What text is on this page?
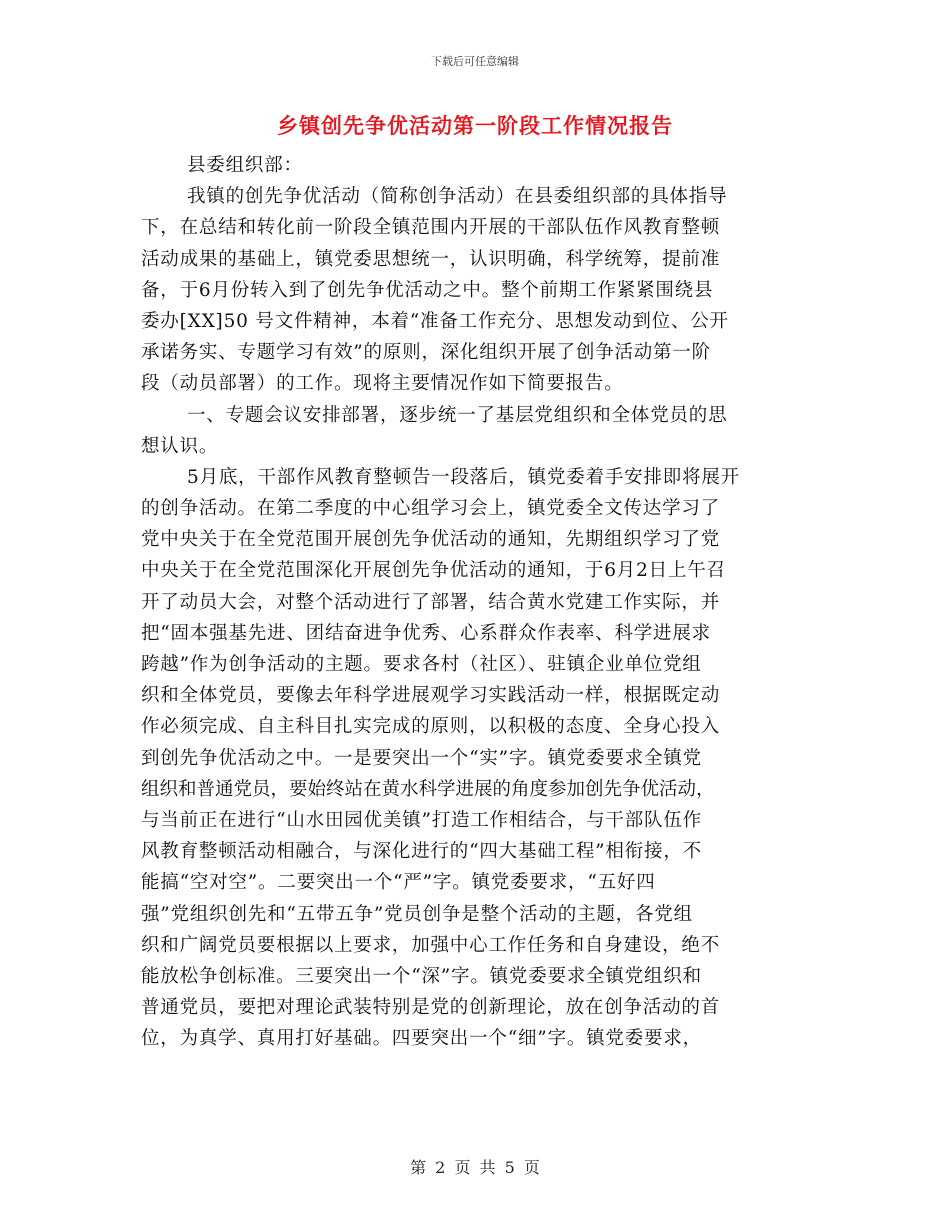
下载后可任意编辑
乡镇创先争优活动第一阶段工作情况报告
县委组织部：
我镇的创先争优活动（简称创争活动）在县委组织部的具体指导
下，在总结和转化前一阶段全镇范围内开展的干部队伍作风教育整顿
活动成果的基础上，镇党委思想统一，认识明确，科学统筹，提前准
备，于6月份转入到了创先争优活动之中。整个前期工作紧紧围绕县
委办[XX]50 号文件精神，本着“准备工作充分、思想发动到位、公开
承诺务实、专题学习有效”的原则，深化组织开展了创争活动第一阶
段（动员部署）的工作。现将主要情况作如下简要报告。
一、专题会议安排部署，逐步统一了基层党组织和全体党员的思
想认识。
5月底，干部作风教育整顿告一段落后，镇党委着手安排即将展开
的创争活动。在第二季度的中心组学习会上，镇党委全文传达学习了
党中央关于在全党范围开展创先争优活动的通知，先期组织学习了党
中央关于在全党范围深化开展创先争优活动的通知，于6月2日上午召
开了动员大会，对整个活动进行了部署，结合黄水党建工作实际，并
把“固本强基先进、团结奋进争优秀、心系群众作表率、科学进展求
跨越”作为创争活动的主题。要求各村（社区）、驻镇企业单位党组
织和全体党员，要像去年科学进展观学习实践活动一样，根据既定动
作必须完成、自主科目扎实完成的原则，以积极的态度、全身心投入
到创先争优活动之中。一是要突出一个“实”字。镇党委要求全镇党
组织和普通党员，要始终站在黄水科学进展的角度参加创先争优活动，
与当前正在进行“山水田园优美镇”打造工作相结合，与干部队伍作
风教育整顿活动相融合，与深化进行的“四大基础工程”相衔接，不
能搞“空对空”。二要突出一个“严”字。镇党委要求，“五好四
强”党组织创先和“五带五争”党员创争是整个活动的主题，各党组
织和广阔党员要根据以上要求，加强中心工作任务和自身建设，绝不
能放松争创标准。三要突出一个“深”字。镇党委要求全镇党组织和
普通党员，要把对理论武装特别是党的创新理论，放在创争活动的首
位，为真学、真用打好基础。四要突出一个“细”字。镇党委要求，
第 2 页 共 5 页
